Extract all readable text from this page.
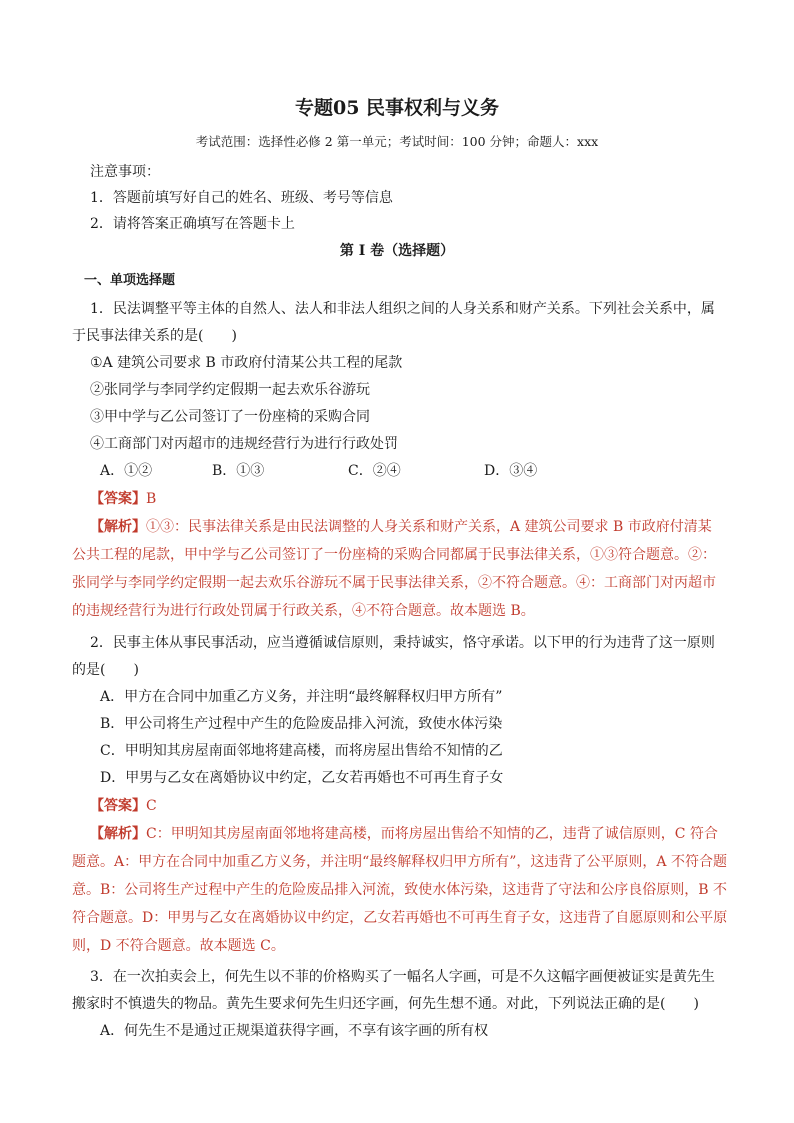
专题05 民事权利与义务
考试范围：选择性必修 2 第一单元；考试时间：100 分钟；命题人：xxx
注意事项：
1．答题前填写好自己的姓名、班级、考号等信息
2．请将答案正确填写在答题卡上
第 I 卷（选择题）
一、单项选择题
1．民法调整平等主体的自然人、法人和非法人组织之间的人身关系和财产关系。下列社会关系中，属
于民事法律关系的是(　　)
①A 建筑公司要求 B 市政府付清某公共工程的尾款
②张同学与李同学约定假期一起去欢乐谷游玩
③甲中学与乙公司签订了一份座椅的采购合同
④工商部门对丙超市的违规经营行为进行行政处罚
A．①②	B．①③	C．②④	D．③④
【答案】B
【解析】①③：民事法律关系是由民法调整的人身关系和财产关系，A 建筑公司要求 B 市政府付清某
公共工程的尾款，甲中学与乙公司签订了一份座椅的采购合同都属于民事法律关系，①③符合题意。②：
张同学与李同学约定假期一起去欢乐谷游玩不属于民事法律关系，②不符合题意。④：工商部门对丙超市
的违规经营行为进行行政处罚属于行政关系，④不符合题意。故本题选 B。
2．民事主体从事民事活动，应当遵循诚信原则，秉持诚实，恪守承诺。以下甲的行为违背了这一原则
的是(　　)
A．甲方在合同中加重乙方义务，并注明“最终解释权归甲方所有”
B．甲公司将生产过程中产生的危险废品排入河流，致使水体污染
C．甲明知其房屋南面邻地将建高楼，而将房屋出售给不知情的乙
D．甲男与乙女在离婚协议中约定，乙女若再婚也不可再生育子女
【答案】C
【解析】C：甲明知其房屋南面邻地将建高楼，而将房屋出售给不知情的乙，违背了诚信原则，C 符合
题意。A：甲方在合同中加重乙方义务，并注明“最终解释权归甲方所有”，这违背了公平原则，A 不符合题
意。B：公司将生产过程中产生的危险废品排入河流，致使水体污染，这违背了守法和公序良俗原则，B 不
符合题意。D：甲男与乙女在离婚协议中约定，乙女若再婚也不可再生育子女，这违背了自愿原则和公平原
则，D 不符合题意。故本题选 C。
3．在一次拍卖会上，何先生以不菲的价格购买了一幅名人字画，可是不久这幅字画便被证实是黄先生
搬家时不慎遗失的物品。黄先生要求何先生归还字画，何先生想不通。对此，下列说法正确的是(　　)
A．何先生不是通过正规渠道获得字画，不享有该字画的所有权
